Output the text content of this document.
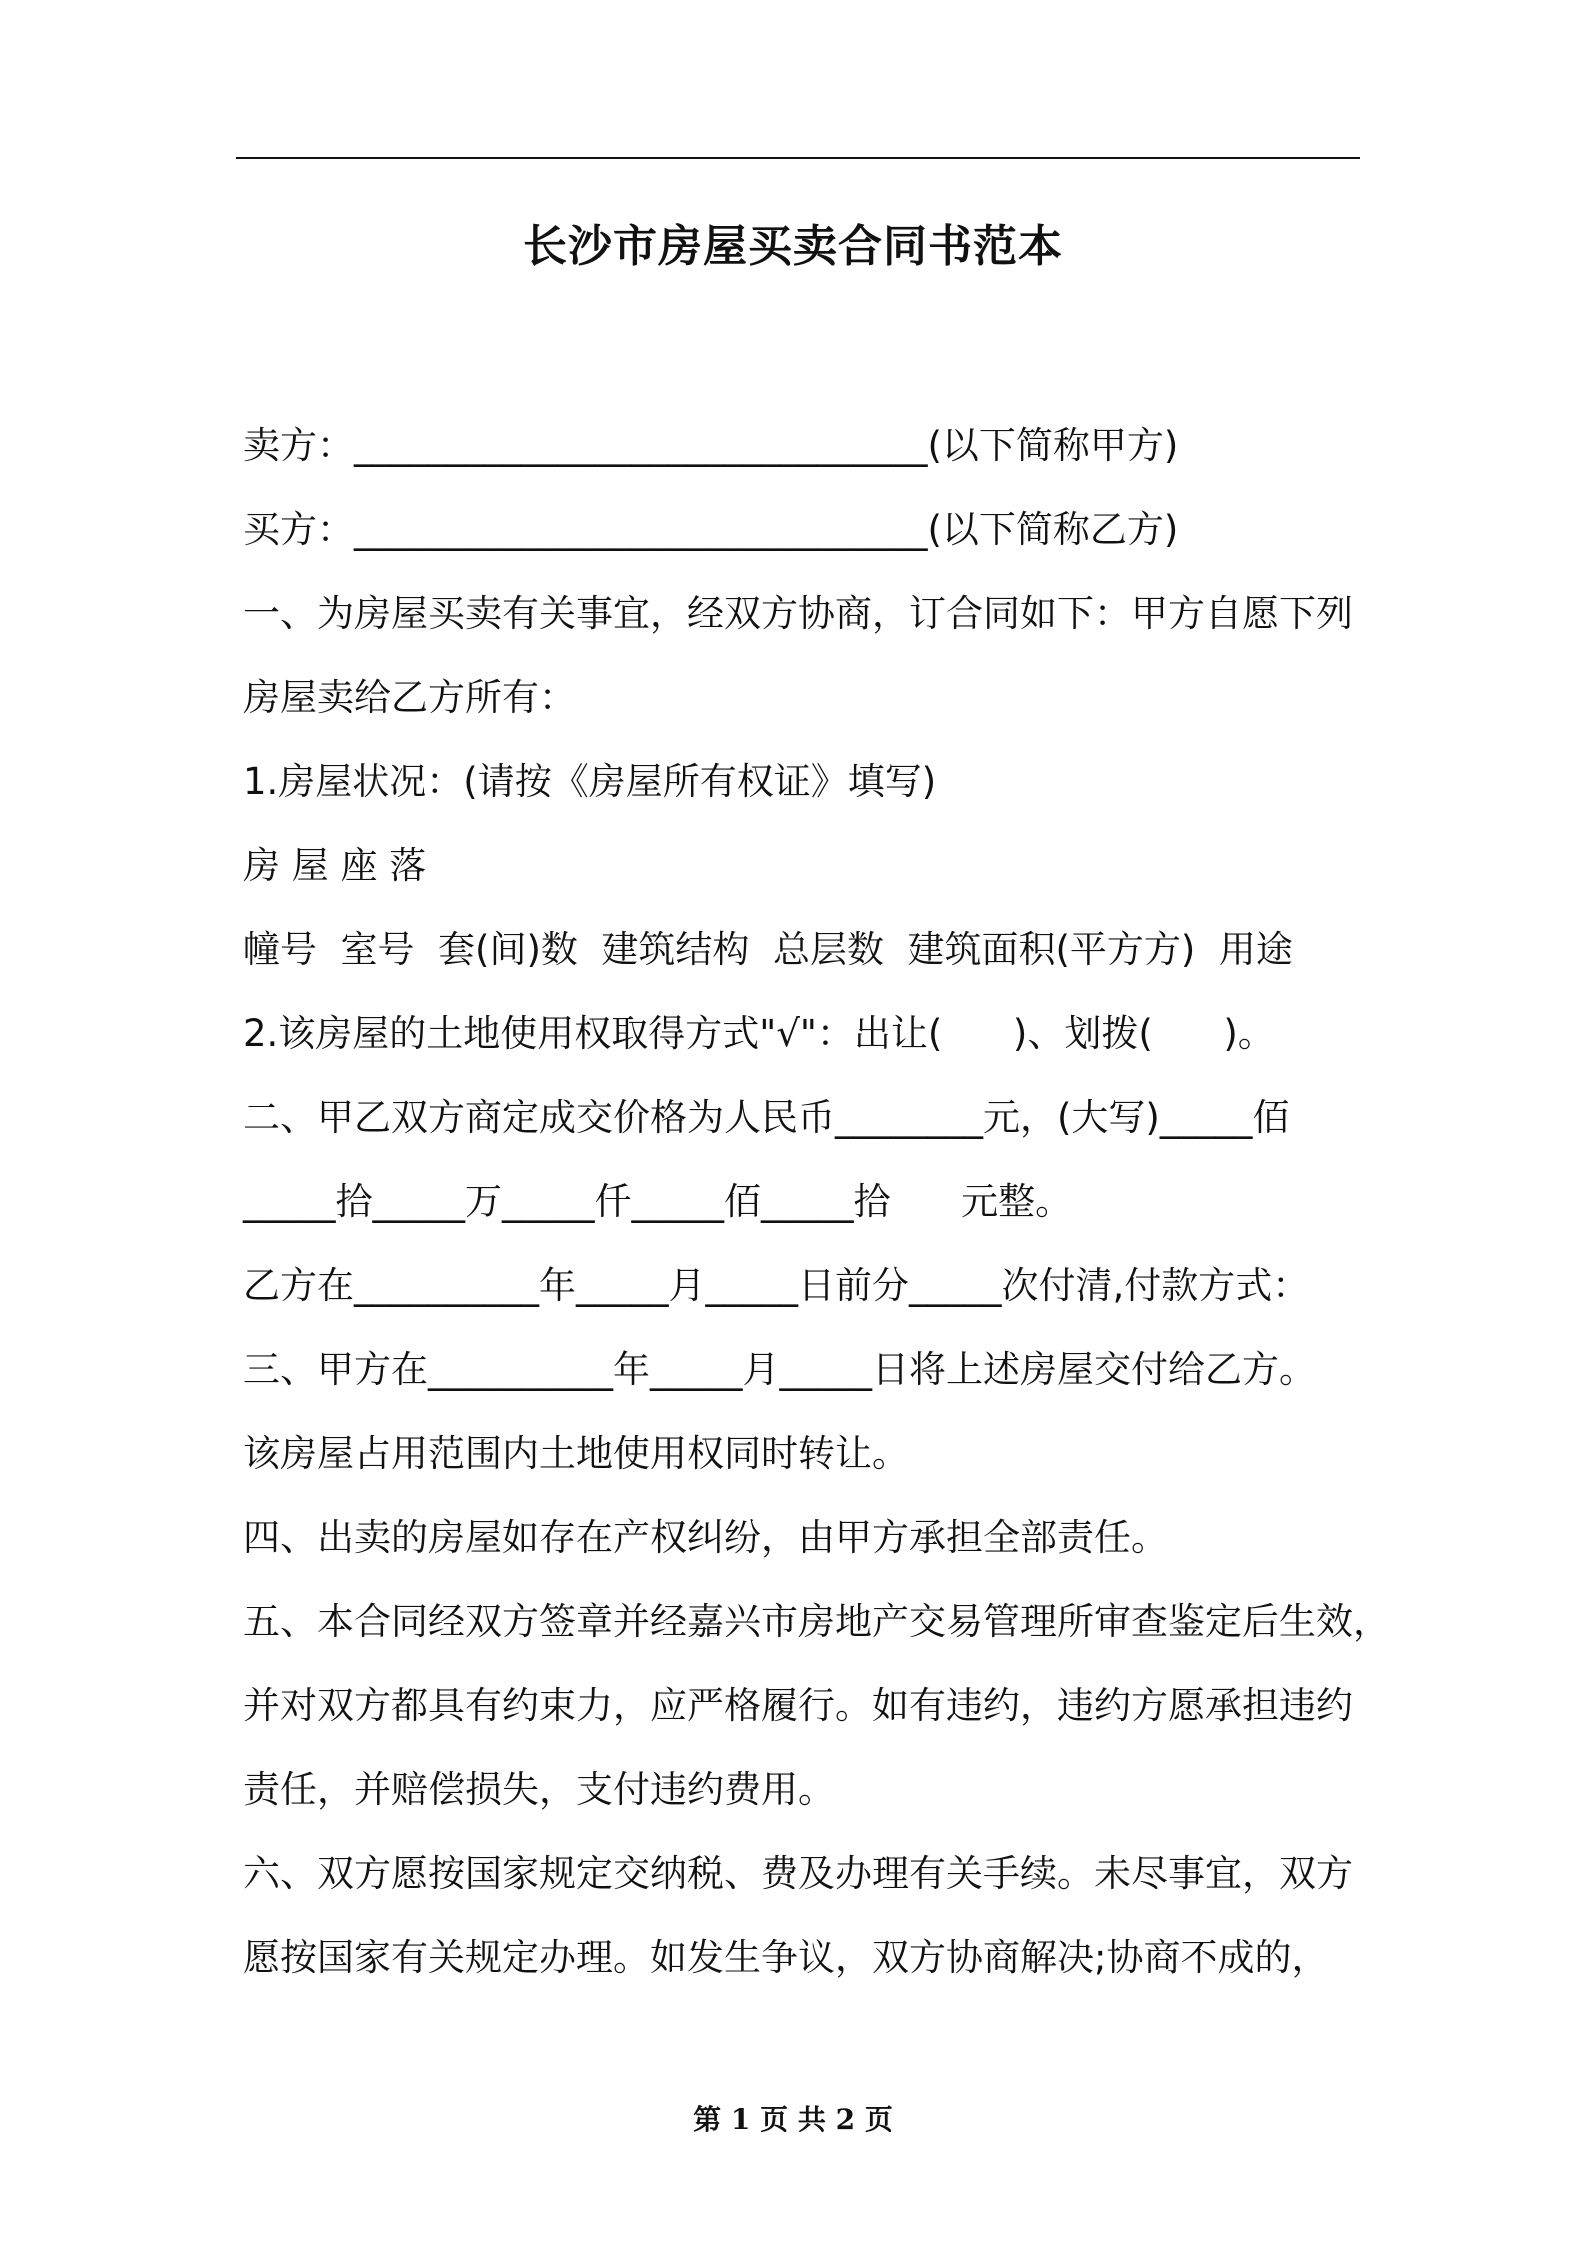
长沙市房屋买卖合同书范本
卖方：_______________________________(以下简称甲方)
买方：_______________________________(以下简称乙方)
一、为房屋买卖有关事宜，经双方协商，订合同如下：甲方自愿下列
房屋卖给乙方所有：
1.房屋状况：(请按《房屋所有权证》填写)
房 屋 座 落
幢号  室号  套(间)数  建筑结构  总层数  建筑面积(平方方)  用途
2.该房屋的土地使用权取得方式"√"：出让(      )、划拨(      )。
二、甲乙双方商定成交价格为人民币________元，(大写)_____佰
_____拾_____万_____仟_____佰_____拾      元整。
乙方在__________年_____月_____日前分_____次付清,付款方式：
三、甲方在__________年_____月_____日将上述房屋交付给乙方。
该房屋占用范围内土地使用权同时转让。
四、出卖的房屋如存在产权纠纷，由甲方承担全部责任。
五、本合同经双方签章并经嘉兴市房地产交易管理所审查鉴定后生效，
并对双方都具有约束力，应严格履行。如有违约，违约方愿承担违约
责任，并赔偿损失，支付违约费用。
六、双方愿按国家规定交纳税、费及办理有关手续。未尽事宜，双方
愿按国家有关规定办理。如发生争议，双方协商解决;协商不成的，
第 1 页 共 2 页
